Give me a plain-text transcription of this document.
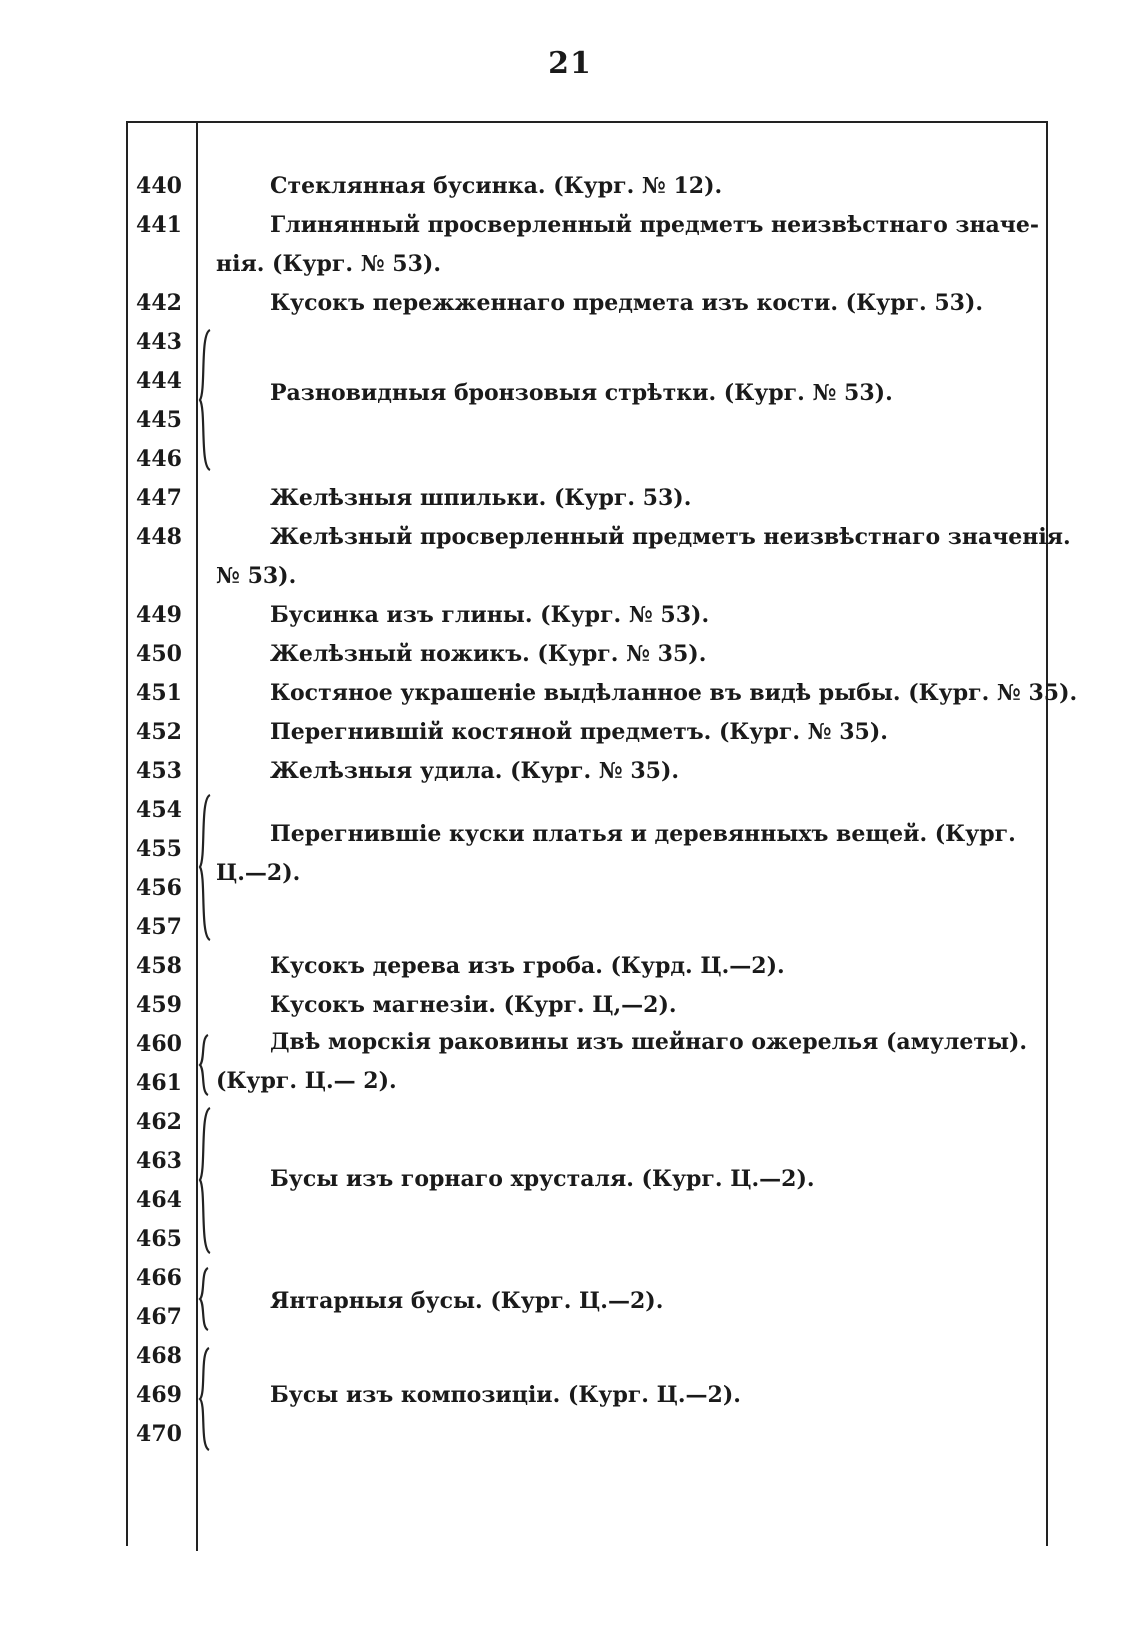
21
440
441
442
443
444
445
446
447
448
449
450
451
452
453
454
455
456
457
458
459
460
461
462
463
464
465
466
467
468
469
470
Стеклянная бусинка. (Кург. № 12).
Глинянный просверленный предметъ неизвѣстнаго значе-
нія. (Кург. № 53).
Кусокъ пережженнаго предмета изъ кости. (Кург. 53).
Разновидныя бронзовыя стрѣтки. (Кург. № 53).
Желѣзныя шпильки. (Кург. 53).
Желѣзный просверленный предметъ неизвѣстнаго значенія.
№ 53).
Бусинка изъ глины. (Кург. № 53).
Желѣзный ножикъ. (Кург. № 35).
Костяное украшеніе выдѣланное въ видѣ рыбы. (Кург. № 35).
Перегнившій костяной предметъ. (Кург. № 35).
Желѣзныя удила. (Кург. № 35).
Перегнившіе куски платья и деревянныхъ вещей. (Кург.
Ц.—2).
Кусокъ дерева изъ гроба. (Курд. Ц.—2).
Кусокъ магнезіи. (Кург. Ц,—2).
Двѣ морскія раковины изъ шейнаго ожерелья (амулеты).
(Кург. Ц.— 2).
Бусы изъ горнаго хрусталя. (Кург. Ц.—2).
Янтарныя бусы. (Кург. Ц.—2).
Бусы изъ композиціи. (Кург. Ц.—2).
